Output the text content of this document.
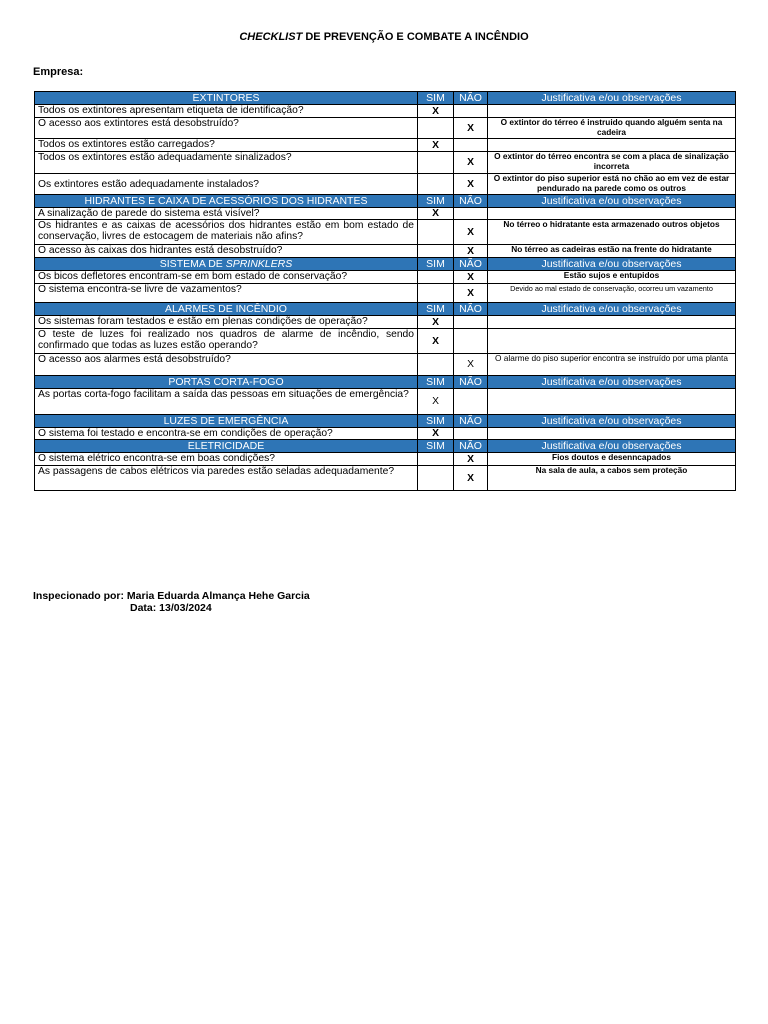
CHECKLIST DE PREVENÇÃO E COMBATE A INCÊNDIO
Empresa:
EXTINTORES	SIM	NÃO	Justificativa e/ou observações
Todos os extintores apresentam etiqueta de identificação?	X		
O acesso aos extintores está desobstruído?		X	O extintor do térreo é instruido quando alguém senta na cadeira
Todos os extintores estão carregados?	X		
Todos os extintores estão adequadamente sinalizados?		X	O extintor do térreo encontra se com a placa de sinalização incorreta
Os extintores estão adequadamente instalados?		X	O extintor do piso superior está no chão ao em vez de estar pendurado na parede como os outros
HIDRANTES E CAIXA DE ACESSÓRIOS DOS HIDRANTES	SIM	NÃO	Justificativa e/ou observações
A sinalização de parede do sistema está visível?	X		
Os hidrantes e as caixas de acessórios dos hidrantes estão em bom estado de conservação, livres de estocagem de materiais não afins?		X	No térreo o hidratante esta armazenado outros objetos
O acesso às caixas dos hidrantes está desobstruído?		X	No térreo as cadeiras estão na frente do hidratante
SISTEMA DE SPRINKLERS	SIM	NÃO	Justificativa e/ou observações
Os bicos defletores encontram-se em bom estado de conservação?		X	Estão sujos e entupidos
O sistema encontra-se livre de vazamentos?		X	Devido ao mal estado de conservação, ocorreu um vazamento
ALARMES DE INCÊNDIO	SIM	NÃO	Justificativa e/ou observações
Os sistemas foram testados e estão em plenas condições de operação?	X		
O teste de luzes foi realizado nos quadros de alarme de incêndio, sendo confirmado que todas as luzes estão operando?	X		
O acesso aos alarmes está desobstruído?		X	O alarme do piso superior encontra se instruído por uma planta
PORTAS CORTA-FOGO	SIM	NÃO	Justificativa e/ou observações
As portas corta-fogo facilitam a saída das pessoas em situações de emergência?	X		
LUZES DE EMERGÊNCIA	SIM	NÃO	Justificativa e/ou observações
O sistema foi testado e encontra-se em condições de operação?	X		
ELETRICIDADE	SIM	NÃO	Justificativa e/ou observações
O sistema elétrico encontra-se em boas condições?		X	Fios doutos e desenncapados
As passagens de cabos elétricos via paredes estão seladas adequadamente?		X	Na sala de aula, a cabos sem proteção
Inspecionado por: Maria Eduarda Almança Hehe Garcia
Data: 13/03/2024
